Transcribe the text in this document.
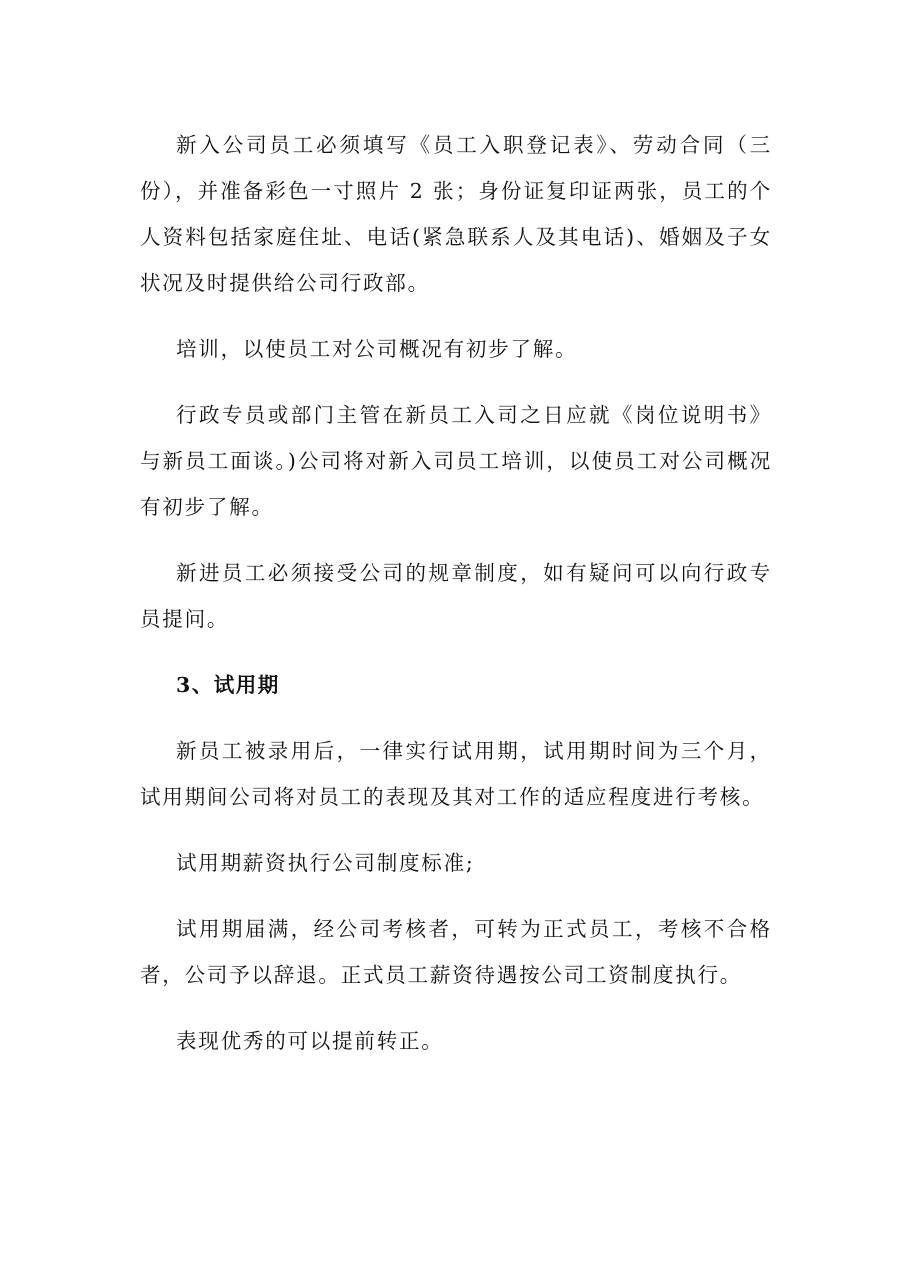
新入公司员工必须填写《员工入职登记表》、劳动合同（三份），并准备彩色一寸照片 2 张；身份证复印证两张，员工的个人资料包括家庭住址、电话(紧急联系人及其电话)、婚姻及子女状况及时提供给公司行政部。

培训，以使员工对公司概况有初步了解。

行政专员或部门主管在新员工入司之日应就《岗位说明书》与新员工面谈。)公司将对新入司员工培训，以使员工对公司概况有初步了解。

新进员工必须接受公司的规章制度，如有疑问可以向行政专员提问。

3、试用期

新员工被录用后，一律实行试用期，试用期时间为三个月，试用期间公司将对员工的表现及其对工作的适应程度进行考核。

试用期薪资执行公司制度标准;

试用期届满，经公司考核者，可转为正式员工，考核不合格者，公司予以辞退。正式员工薪资待遇按公司工资制度执行。

表现优秀的可以提前转正。
